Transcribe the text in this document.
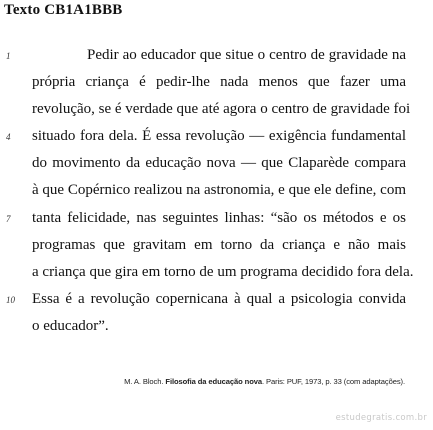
Texto CB1A1BBB
1	Pedir ao educador que situe o centro de gravidade na
própria criança é pedir-lhe nada menos que fazer uma
revolução, se é verdade que até agora o centro de gravidade foi
4	situado fora dela. É essa revolução — exigência fundamental
do movimento da educação nova — que Claparède compara
à que Copérnico realizou na astronomia, e que ele define, com
7	tanta felicidade, nas seguintes linhas: “são os métodos e os
programas que gravitam em torno da criança e não mais
a criança que gira em torno de um programa decidido fora dela.
10	Essa é a revolução copernicana à qual a psicologia convida
o educador”.
M. A. Bloch. Filosofia da educação nova. Paris: PUF, 1973, p. 33 (com adaptações).
estudegratis.com.br
